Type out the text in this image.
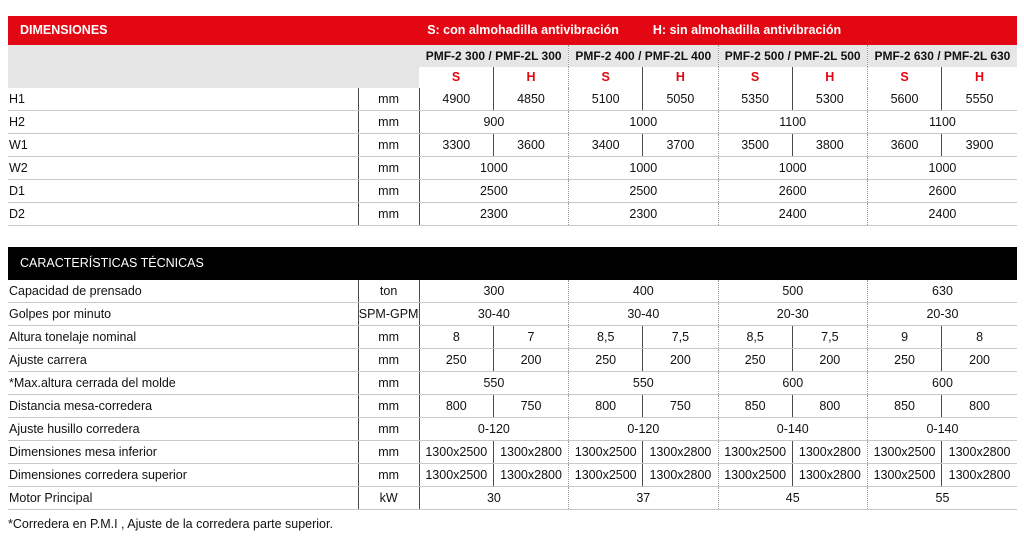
DIMENSIONES		S: con almohadilla antivibración H: sin almohadilla antivibración							
		PMF-2 300 / PMF-2L 300		PMF-2 400 / PMF-2L 400		PMF-2 500 / PMF-2L 500		PMF-2 630 / PMF-2L 630	
		S	H	S	H	S	H	S	H
H1	mm	4900	4850	5100	5050	5350	5300	5600	5550
H2	mm	900		1000		1100		1100	
W1	mm	3300	3600	3400	3700	3500	3800	3600	3900
W2	mm	1000		1000		1000		1000	
D1	mm	2500		2500		2600		2600	
D2	mm	2300		2300		2400		2400	
CARACTERÍSTICAS TÉCNICAS									
Capacidad de prensado	ton	300		400		500		630	
Golpes por minuto	SPM-GPM	30-40		30-40		20-30		20-30	
Altura tonelaje nominal	mm	8	7	8,5	7,5	8,5	7,5	9	8
Ajuste carrera	mm	250	200	250	200	250	200	250	200
*Max.altura cerrada del molde	mm	550		550		600		600	
Distancia mesa-corredera	mm	800	750	800	750	850	800	850	800
Ajuste husillo corredera	mm	0-120		0-120		0-140		0-140	
Dimensiones mesa inferior	mm	1300x2500	1300x2800	1300x2500	1300x2800	1300x2500	1300x2800	1300x2500	1300x2800
Dimensiones corredera superior	mm	1300x2500	1300x2800	1300x2500	1300x2800	1300x2500	1300x2800	1300x2500	1300x2800
Motor Principal	kW	30		37		45		55	
*Corredera en P.M.I , Ajuste de la corredera parte superior.
